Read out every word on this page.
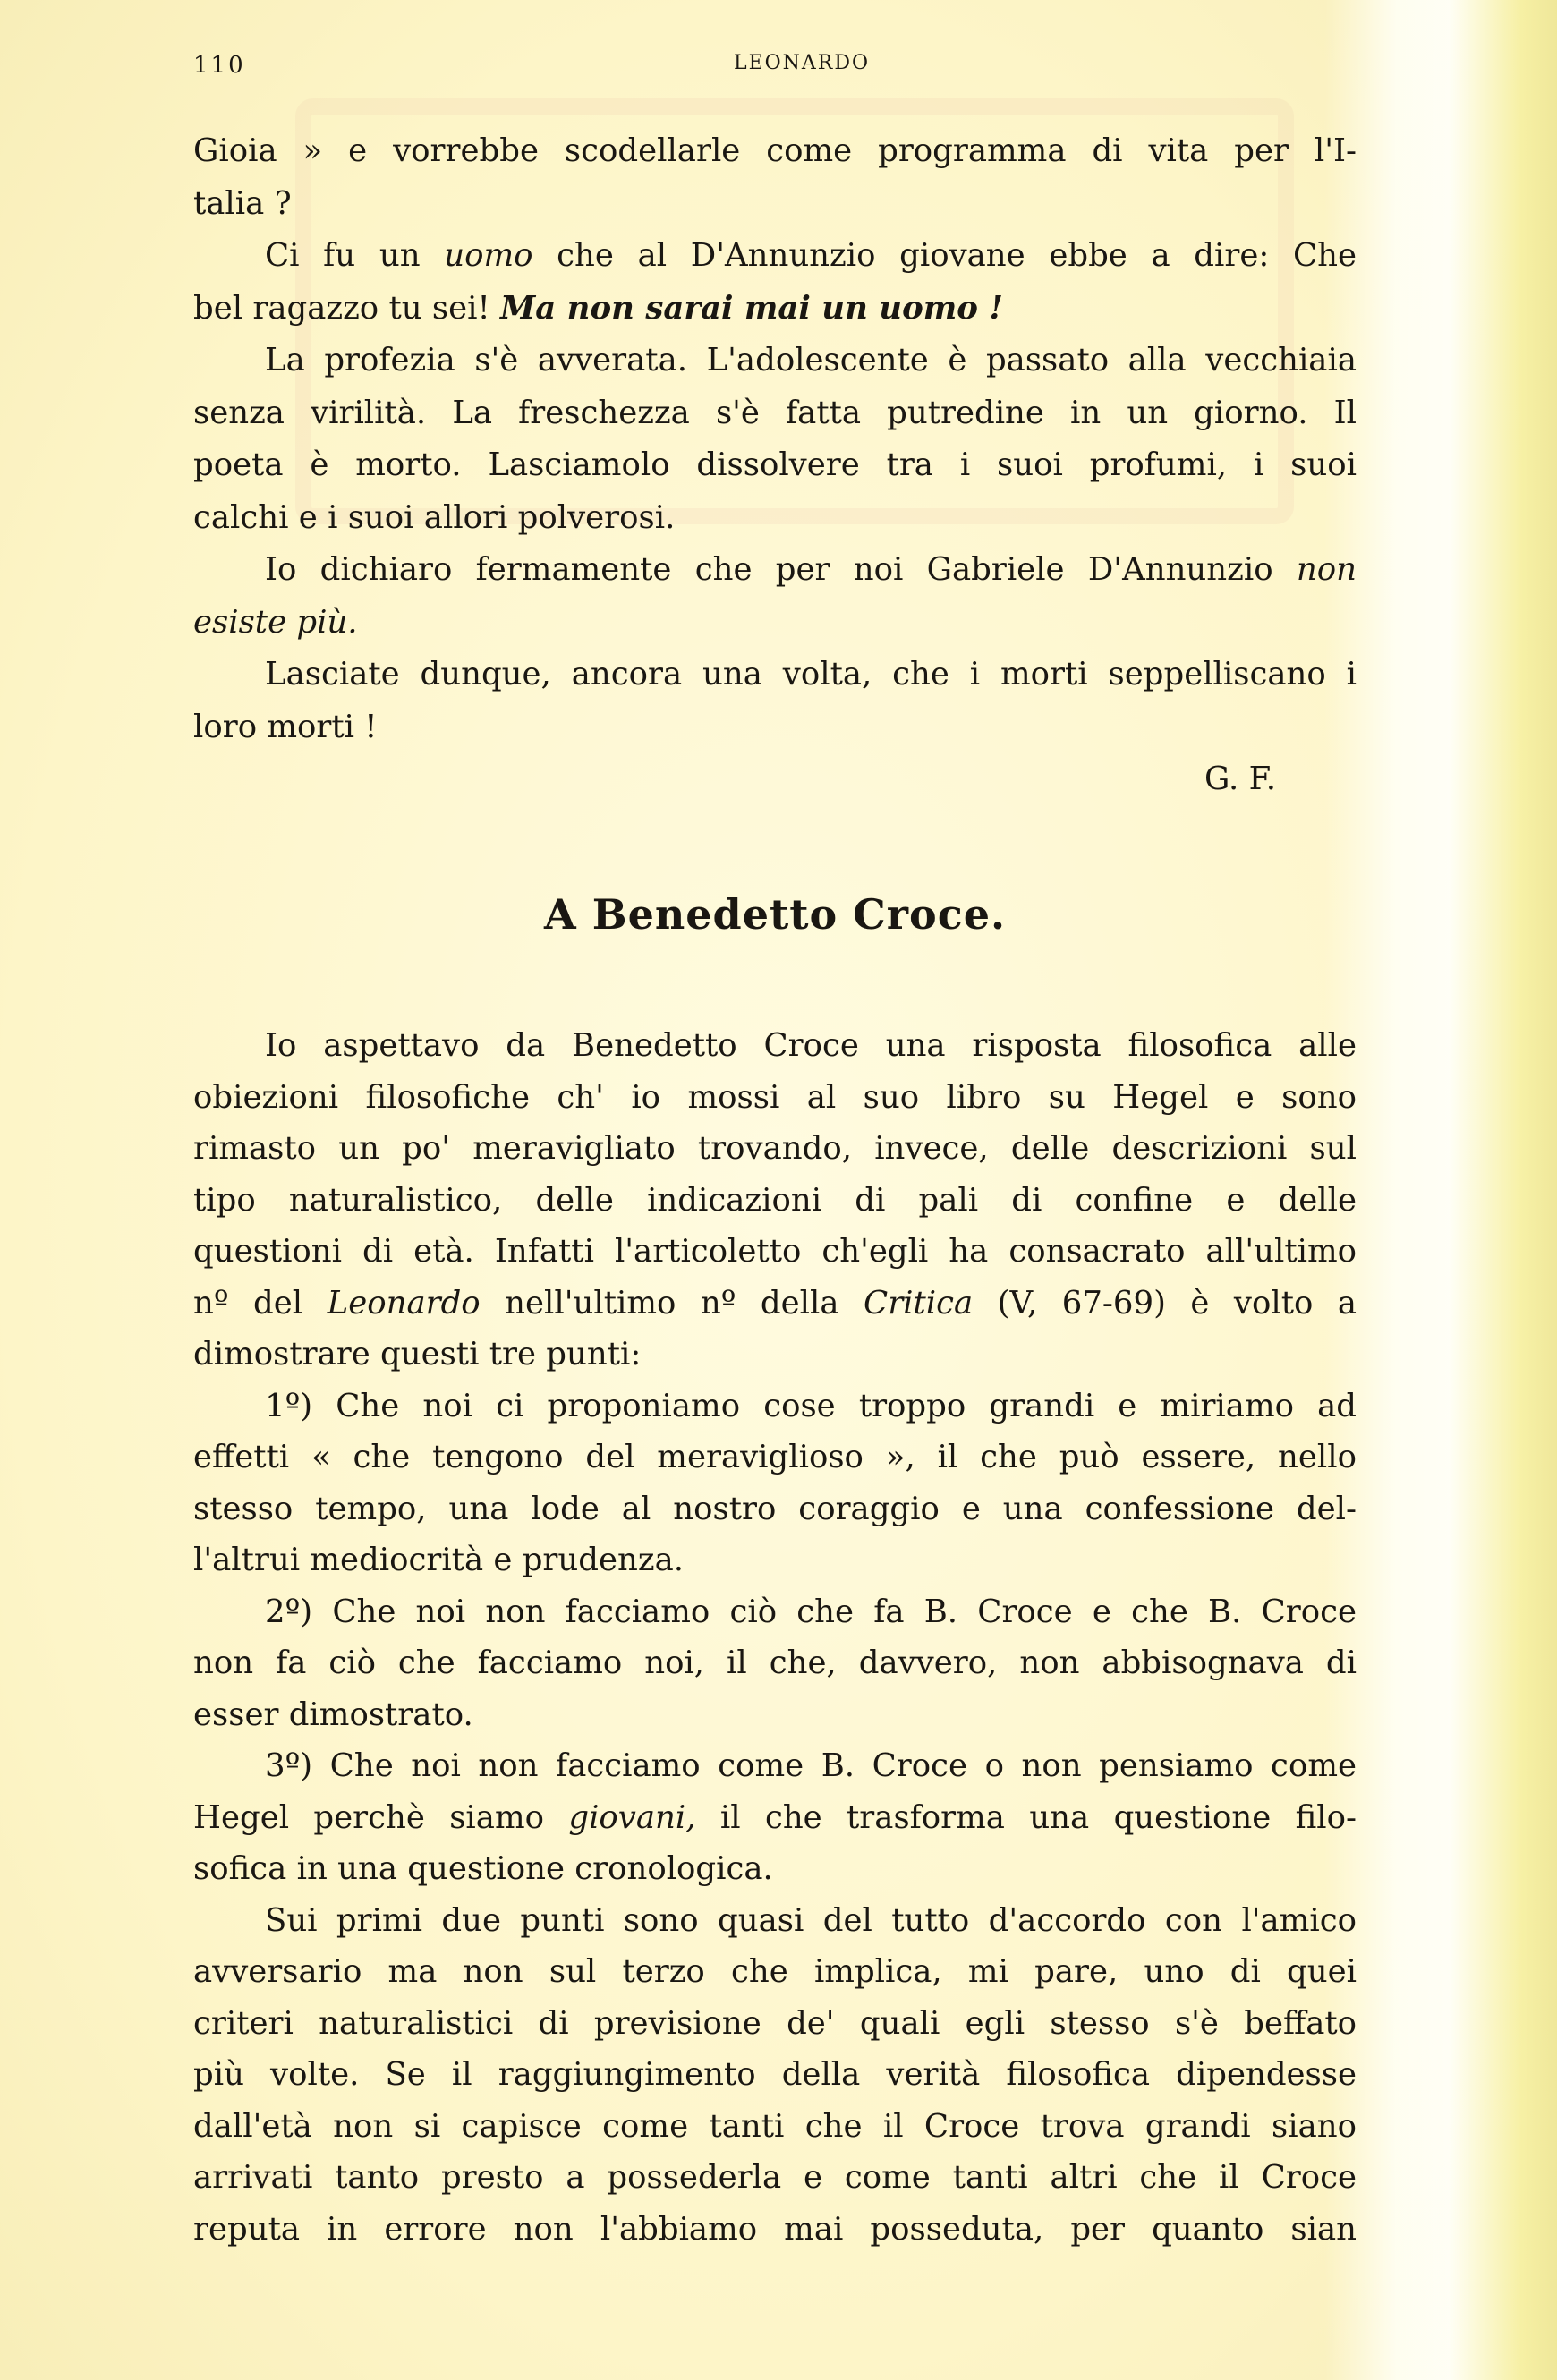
110	LEONARDO
Gioia » e vorrebbe scodellarle come programma di vita per l'I-
talia ?
Ci fu un uomo che al D'Annunzio giovane ebbe a dire: Che
bel ragazzo tu sei! Ma non sarai mai un uomo !
La profezia s'è avverata. L'adolescente è passato alla vecchiaia
senza virilità. La freschezza s'è fatta putredine in un giorno. Il
poeta è morto. Lasciamolo dissolvere tra i suoi profumi, i suoi
calchi e i suoi allori polverosi.
Io dichiaro fermamente che per noi Gabriele D'Annunzio non
esiste più.
Lasciate dunque, ancora una volta, che i morti seppelliscano i
loro morti !
G. F.
A Benedetto Croce.
Io aspettavo da Benedetto Croce una risposta filosofica alle
obiezioni filosofiche ch' io mossi al suo libro su Hegel e sono
rimasto un po' meravigliato trovando, invece, delle descrizioni sul
tipo naturalistico, delle indicazioni di pali di confine e delle
questioni di età. Infatti l'articoletto ch'egli ha consacrato all'ultimo
nº del Leonardo nell'ultimo nº della Critica (V, 67-69) è volto a
dimostrare questi tre punti:
1º) Che noi ci proponiamo cose troppo grandi e miriamo ad
effetti « che tengono del meraviglioso », il che può essere, nello
stesso tempo, una lode al nostro coraggio e una confessione del-
l'altrui mediocrità e prudenza.
2º) Che noi non facciamo ciò che fa B. Croce e che B. Croce
non fa ciò che facciamo noi, il che, davvero, non abbisognava di
esser dimostrato.
3º) Che noi non facciamo come B. Croce o non pensiamo come
Hegel perchè siamo giovani, il che trasforma una questione filo-
sofica in una questione cronologica.
Sui primi due punti sono quasi del tutto d'accordo con l'amico
avversario ma non sul terzo che implica, mi pare, uno di quei
criteri naturalistici di previsione de' quali egli stesso s'è beffato
più volte. Se il raggiungimento della verità filosofica dipendesse
dall'età non si capisce come tanti che il Croce trova grandi siano
arrivati tanto presto a possederla e come tanti altri che il Croce
reputa in errore non l'abbiamo mai posseduta, per quanto sian
